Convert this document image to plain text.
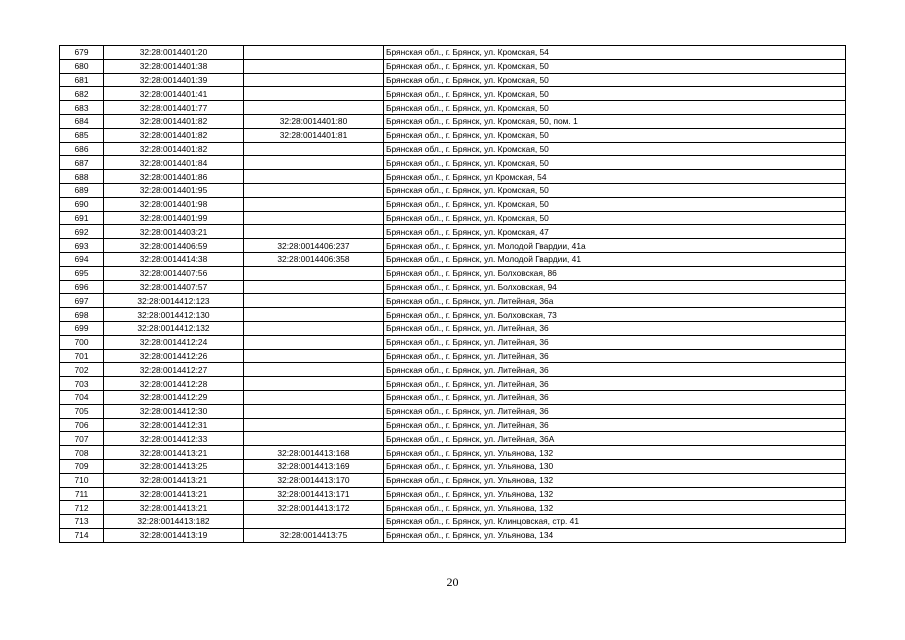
679	32:28:0014401:20		Брянская обл., г. Брянск, ул. Кромская, 54
680	32:28:0014401:38		Брянская обл., г. Брянск, ул. Кромская, 50
681	32:28:0014401:39		Брянская обл., г. Брянск, ул. Кромская, 50
682	32:28:0014401:41		Брянская обл., г. Брянск, ул. Кромская, 50
683	32:28:0014401:77		Брянская обл., г. Брянск, ул. Кромская, 50
684	32:28:0014401:82	32:28:0014401:80	Брянская обл., г. Брянск, ул. Кромская, 50, пом. 1
685	32:28:0014401:82	32:28:0014401:81	Брянская обл., г. Брянск, ул. Кромская, 50
686	32:28:0014401:82		Брянская обл., г. Брянск, ул. Кромская, 50
687	32:28:0014401:84		Брянская обл., г. Брянск, ул. Кромская, 50
688	32:28:0014401:86		Брянская обл., г. Брянск, ул Кромская, 54
689	32:28:0014401:95		Брянская обл., г. Брянск, ул. Кромская, 50
690	32:28:0014401:98		Брянская обл., г. Брянск, ул. Кромская, 50
691	32:28:0014401:99		Брянская обл., г. Брянск, ул. Кромская, 50
692	32:28:0014403:21		Брянская обл., г. Брянск, ул. Кромская, 47
693	32:28:0014406:59	32:28:0014406:237	Брянская обл., г. Брянск, ул. Молодой Гвардии, 41а
694	32:28:0014414:38	32:28:0014406:358	Брянская обл., г. Брянск, ул. Молодой Гвардии, 41
695	32:28:0014407:56		Брянская обл., г. Брянск, ул. Болховская, 86
696	32:28:0014407:57		Брянская обл., г. Брянск, ул. Болховская, 94
697	32:28:0014412:123		Брянская обл., г. Брянск, ул. Литейная, 36а
698	32:28:0014412:130		Брянская обл., г. Брянск, ул. Болховская, 73
699	32:28:0014412:132		Брянская обл., г. Брянск, ул. Литейная, 36
700	32:28:0014412:24		Брянская обл., г. Брянск, ул. Литейная, 36
701	32:28:0014412:26		Брянская обл., г. Брянск, ул. Литейная, 36
702	32:28:0014412:27		Брянская обл., г. Брянск, ул. Литейная, 36
703	32:28:0014412:28		Брянская обл., г. Брянск, ул. Литейная, 36
704	32:28:0014412:29		Брянская обл., г. Брянск, ул. Литейная, 36
705	32:28:0014412:30		Брянская обл., г. Брянск, ул. Литейная, 36
706	32:28:0014412:31		Брянская обл., г. Брянск, ул. Литейная, 36
707	32:28:0014412:33		Брянская обл., г. Брянск, ул. Литейная, 36А
708	32:28:0014413:21	32:28:0014413:168	Брянская обл., г. Брянск, ул. Ульянова, 132
709	32:28:0014413:25	32:28:0014413:169	Брянская обл., г. Брянск, ул. Ульянова, 130
710	32:28:0014413:21	32:28:0014413:170	Брянская обл., г. Брянск, ул. Ульянова, 132
711	32:28:0014413:21	32:28:0014413:171	Брянская обл., г. Брянск, ул. Ульянова, 132
712	32:28:0014413:21	32:28:0014413:172	Брянская обл., г. Брянск, ул. Ульянова, 132
713	32:28:0014413:182		Брянская обл., г. Брянск, ул. Клинцовская, стр. 41
714	32:28:0014413:19	32:28:0014413:75	Брянская обл., г. Брянск, ул. Ульянова, 134
20
